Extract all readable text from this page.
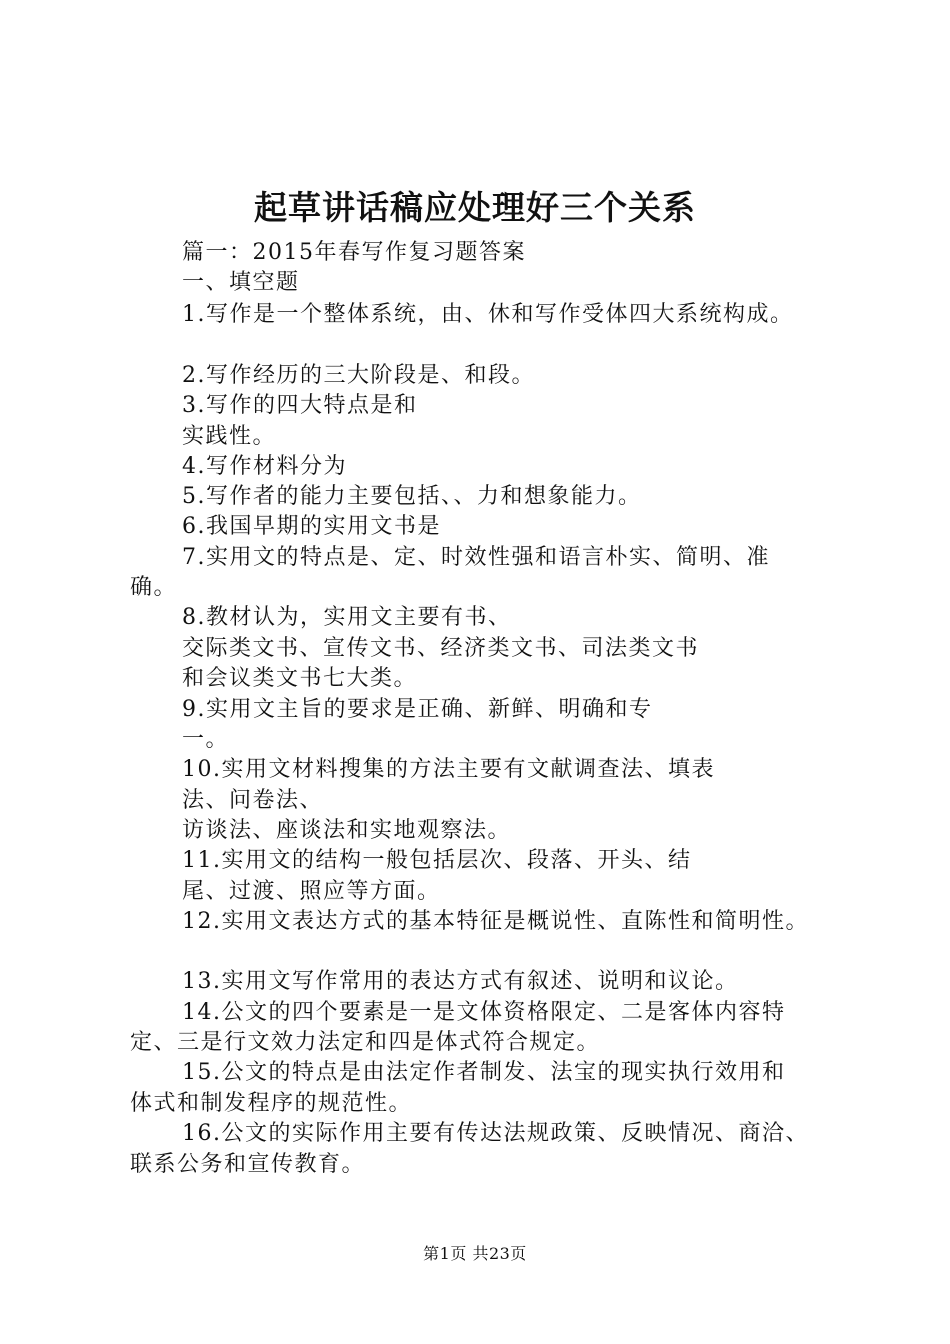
起草讲话稿应处理好三个关系
篇一：2015年春写作复习题答案
一、填空题
1.写作是一个整体系统，由、休和写作受体四大系统构成。
2.写作经历的三大阶段是、和段。
3.写作的四大特点是和
实践性。
4.写作材料分为
5.写作者的能力主要包括、、力和想象能力。
6.我国早期的实用文书是
7.实用文的特点是、定、时效性强和语言朴实、简明、准
确。
8.教材认为，实用文主要有书、
交际类文书、宣传文书、经济类文书、司法类文书
和会议类文书七大类。
9.实用文主旨的要求是正确、新鲜、明确和专
一。
10.实用文材料搜集的方法主要有文献调查法、填表
法、问卷法、
访谈法、座谈法和实地观察法。
11.实用文的结构一般包括层次、段落、开头、结
尾、过渡、照应等方面。
12.实用文表达方式的基本特征是概说性、直陈性和简明性。
13.实用文写作常用的表达方式有叙述、说明和议论。
14.公文的四个要素是一是文体资格限定、二是客体内容特
定、三是行文效力法定和四是体式符合规定。
15.公文的特点是由法定作者制发、法宝的现实执行效用和
体式和制发程序的规范性。
16.公文的实际作用主要有传达法规政策、反映情况、商洽、
联系公务和宣传教育。
第1页 共23页
